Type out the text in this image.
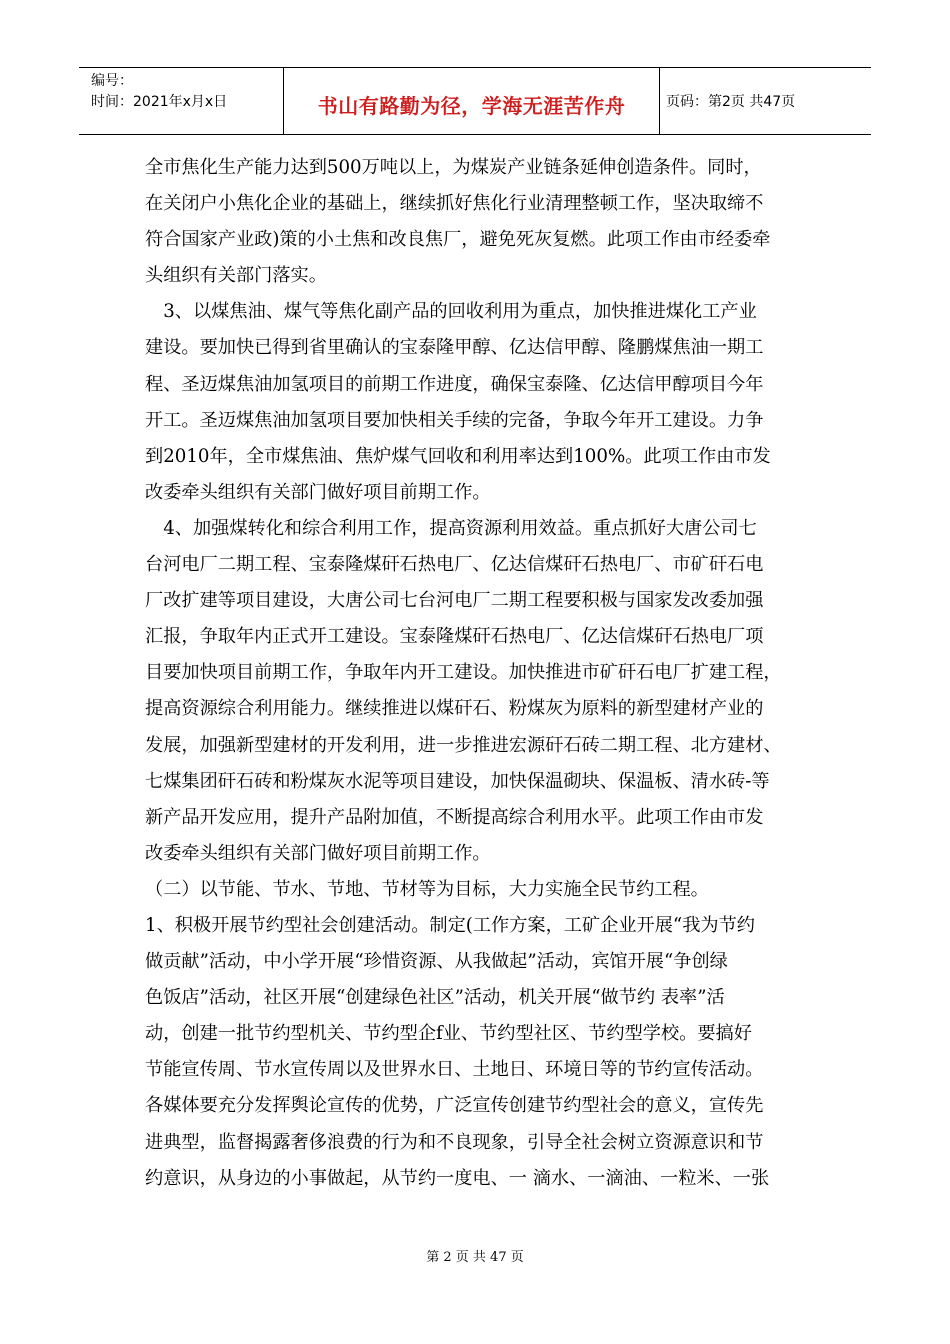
编号：
时间：2021年x月x日	书山有路勤为径，学海无涯苦作舟	页码：第2页 共47页

全市焦化生产能力达到500万吨以上，为煤炭产业链条延伸创造条件。同时，

在关闭户小焦化企业的基础上，继续抓好焦化行业清理整顿工作，坚决取缔不

符合国家产业政)策的小土焦和改良焦厂，避免死灰复燃。此项工作由市经委牵

头组织有关部门落实。

　3、以煤焦油、煤气等焦化副产品的回收利用为重点，加快推进煤化工产业

建设。要加快已得到省里确认的宝泰隆甲醇、亿达信甲醇、隆鹏煤焦油一期工

程、圣迈煤焦油加氢项目的前期工作进度，确保宝泰隆、亿达信甲醇项目今年

开工。圣迈煤焦油加氢项目要加快相关手续的完备，争取今年开工建设。力争

到2010年，全市煤焦油、焦炉煤气回收和利用率达到100%。此项工作由市发

改委牵头组织有关部门做好项目前期工作。

　4、加强煤转化和综合利用工作，提高资源利用效益。重点抓好大唐公司七

台河电厂二期工程、宝泰隆煤矸石热电厂、亿达信煤矸石热电厂、市矿矸石电

厂改扩建等项目建设，大唐公司七台河电厂二期工程要积极与国家发改委加强

汇报，争取年内正式开工建设。宝泰隆煤矸石热电厂、亿达信煤矸石热电厂项

目要加快项目前期工作，争取年内开工建设。加快推进市矿矸石电厂扩建工程，

提高资源综合利用能力。继续推进以煤矸石、粉煤灰为原料的新型建材产业的

发展，加强新型建材的开发利用，进一步推进宏源矸石砖二期工程、北方建材、

七煤集团矸石砖和粉煤灰水泥等项目建设，加快保温砌块、保温板、清水砖-等

新产品开发应用，提升产品附加值，不断提高综合利用水平。此项工作由市发

改委牵头组织有关部门做好项目前期工作。

（二）以节能、节水、节地、节材等为目标，大力实施全民节约工程。

1、积极开展节约型社会创建活动。制定(工作方案，工矿企业开展“我为节约

做贡献”活动，中小学开展“珍惜资源、从我做起”活动，宾馆开展“争创绿

色饭店”活动，社区开展“创建绿色社区”活动，机关开展“做节约 表率”活

动，创建一批节约型机关、节约型企f业、节约型社区、节约型学校。要搞好

节能宣传周、节水宣传周以及世界水日、土地日、环境日等的节约宣传活动。

各媒体要充分发挥舆论宣传的优势，广泛宣传创建节约型社会的意义，宣传先

进典型，监督揭露奢侈浪费的行为和不良现象，引导全社会树立资源意识和节

约意识，从身边的小事做起，从节约一度电、一 滴水、一滴油、一粒米、一张

第 2 页 共 47 页
